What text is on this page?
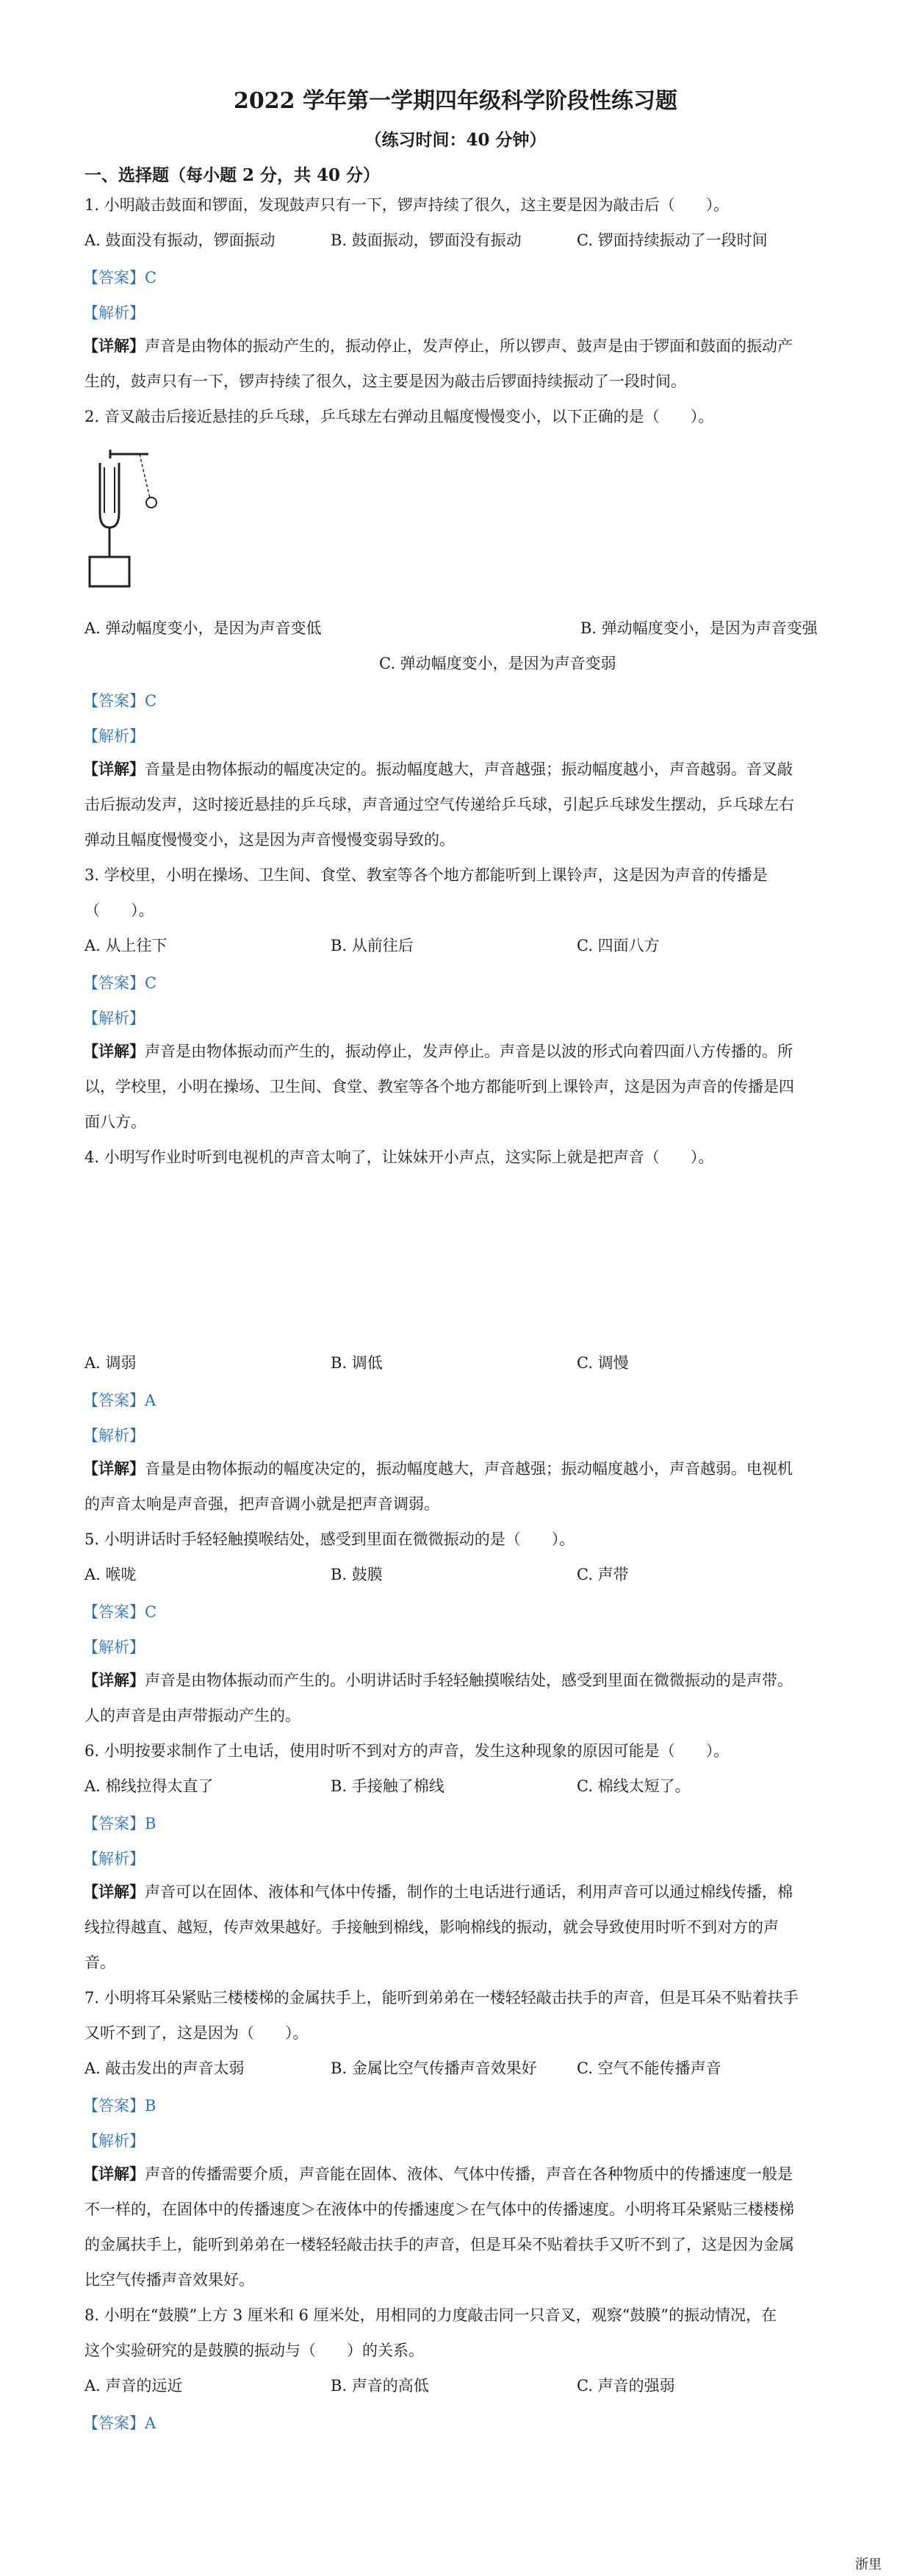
2022 学年第一学期四年级科学阶段性练习题
（练习时间：40 分钟）
一、选择题（每小题 2 分，共 40 分）
1. 小明敲击鼓面和锣面，发现鼓声只有一下，锣声持续了很久，这主要是因为敲击后（　　）。
A. 鼓面没有振动，锣面振动	B. 鼓面振动，锣面没有振动	C. 锣面持续振动了一段时间
【答案】C
【解析】
【详解】声音是由物体的振动产生的，振动停止，发声停止，所以锣声、鼓声是由于锣面和鼓面的振动产
生的，鼓声只有一下，锣声持续了很久，这主要是因为敲击后锣面持续振动了一段时间。
2. 音叉敲击后接近悬挂的乒乓球，乒乓球左右弹动且幅度慢慢变小，以下正确的是（　　）。
A. 弹动幅度变小，是因为声音变低	B. 弹动幅度变小，是因为声音变强
C. 弹动幅度变小，是因为声音变弱
【答案】C
【解析】
【详解】音量是由物体振动的幅度决定的。振动幅度越大，声音越强；振动幅度越小，声音越弱。音叉敲
击后振动发声，这时接近悬挂的乒乓球，声音通过空气传递给乒乓球，引起乒乓球发生摆动，乒乓球左右
弹动且幅度慢慢变小，这是因为声音慢慢变弱导致的。
3. 学校里，小明在操场、卫生间、食堂、教室等各个地方都能听到上课铃声，这是因为声音的传播是
（　　）。
A. 从上往下	B. 从前往后	C. 四面八方
【答案】C
【解析】
【详解】声音是由物体振动而产生的，振动停止，发声停止。声音是以波的形式向着四面八方传播的。所
以，学校里，小明在操场、卫生间、食堂、教室等各个地方都能听到上课铃声，这是因为声音的传播是四
面八方。
4. 小明写作业时听到电视机的声音太响了，让妹妹开小声点，这实际上就是把声音（　　）。
A. 调弱	B. 调低	C. 调慢
【答案】A
【解析】
【详解】音量是由物体振动的幅度决定的，振动幅度越大，声音越强；振动幅度越小，声音越弱。电视机
的声音太响是声音强，把声音调小就是把声音调弱。
5. 小明讲话时手轻轻触摸喉结处，感受到里面在微微振动的是（　　）。
A. 喉咙	B. 鼓膜	C. 声带
【答案】C
【解析】
【详解】声音是由物体振动而产生的。小明讲话时手轻轻触摸喉结处，感受到里面在微微振动的是声带。
人的声音是由声带振动产生的。
6. 小明按要求制作了土电话，使用时听不到对方的声音，发生这种现象的原因可能是（　　）。
A. 棉线拉得太直了	B. 手接触了棉线	C. 棉线太短了。
【答案】B
【解析】
【详解】声音可以在固体、液体和气体中传播，制作的土电话进行通话，利用声音可以通过棉线传播，棉
线拉得越直、越短，传声效果越好。手接触到棉线，影响棉线的振动，就会导致使用时听不到对方的声
音。
7. 小明将耳朵紧贴三楼楼梯的金属扶手上，能听到弟弟在一楼轻轻敲击扶手的声音，但是耳朵不贴着扶手
又听不到了，这是因为（　　）。
A. 敲击发出的声音太弱	B. 金属比空气传播声音效果好	C. 空气不能传播声音
【答案】B
【解析】
【详解】声音的传播需要介质，声音能在固体、液体、气体中传播，声音在各种物质中的传播速度一般是
不一样的，在固体中的传播速度＞在液体中的传播速度＞在气体中的传播速度。小明将耳朵紧贴三楼楼梯
的金属扶手上，能听到弟弟在一楼轻轻敲击扶手的声音，但是耳朵不贴着扶手又听不到了，这是因为金属
比空气传播声音效果好。
8. 小明在“鼓膜”上方 3 厘米和 6 厘米处，用相同的力度敲击同一只音叉，观察“鼓膜”的振动情况，在
这个实验研究的是鼓膜的振动与（　　）的关系。
A. 声音的远近	B. 声音的高低	C. 声音的强弱
【答案】A
浙里
